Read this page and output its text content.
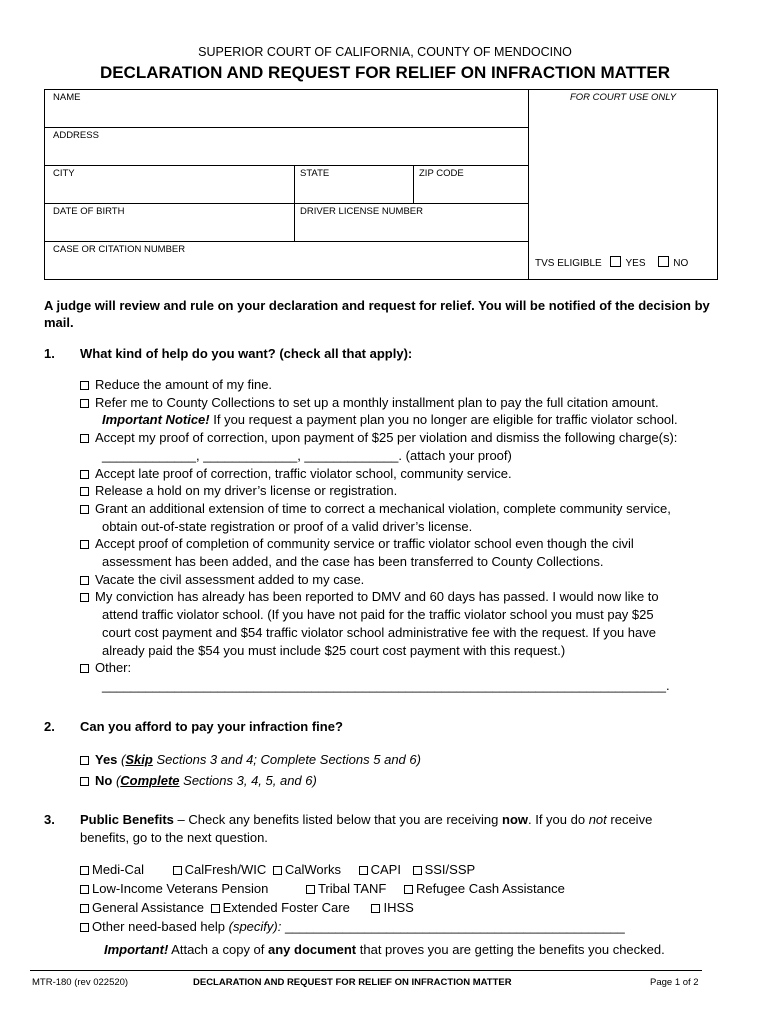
SUPERIOR COURT OF CALIFORNIA, COUNTY OF MENDOCINO
DECLARATION AND REQUEST FOR RELIEF ON INFRACTION MATTER
NAME	FOR COURT USE ONLY
ADDRESS
CITY	STATE	ZIP CODE
DATE OF BIRTH	DRIVER LICENSE NUMBER
CASE OR CITATION NUMBER
TVS ELIGIBLE YES	NO
A judge will review and rule on your declaration and request for relief. You will be notified of the decision by mail.
1. What kind of help do you want? (check all that apply):
Reduce the amount of my fine.
Refer me to County Collections to set up a monthly installment plan to pay the full citation amount.
Important Notice! If you request a payment plan you no longer are eligible for traffic violator school.
Accept my proof of correction, upon payment of $25 per violation and dismiss the following charge(s):
_____________, _____________, _____________. (attach your proof)
Accept late proof of correction, traffic violator school, community service.
Release a hold on my driver’s license or registration.
Grant an additional extension of time to correct a mechanical violation, complete community service,
obtain out-of-state registration or proof of a valid driver’s license.
Accept proof of completion of community service or traffic violator school even though the civil
assessment has been added, and the case has been transferred to County Collections.
Vacate the civil assessment added to my case.
My conviction has already has been reported to DMV and 60 days has passed. I would now like to
attend traffic violator school. (If you have not paid for the traffic violator school you must pay $25
court cost payment and $54 traffic violator school administrative fee with the request. If you have
already paid the $54 you must include $25 court cost payment with this request.)
Other:
______________________________________________________________________________.
2. Can you afford to pay your infraction fine?
Yes (Skip Sections 3 and 4; Complete Sections 5 and 6)
No (Complete Sections 3, 4, 5, and 6)
3. Public Benefits – Check any benefits listed below that you are receiving now. If you do not receive
benefits, go to the next question.
Medi-Cal	CalFresh/WIC CalWorks CAPI SSI/SSP
Low-Income Veterans Pension	Tribal TANF Refugee Cash Assistance
General Assistance Extended Foster Care	IHSS
Other need-based help (specify): _______________________________________________
Important! Attach a copy of any document that proves you are getting the benefits you checked.
MTR-180 (rev 022520)	DECLARATION AND REQUEST FOR RELIEF ON INFRACTION MATTER	Page 1 of 2
